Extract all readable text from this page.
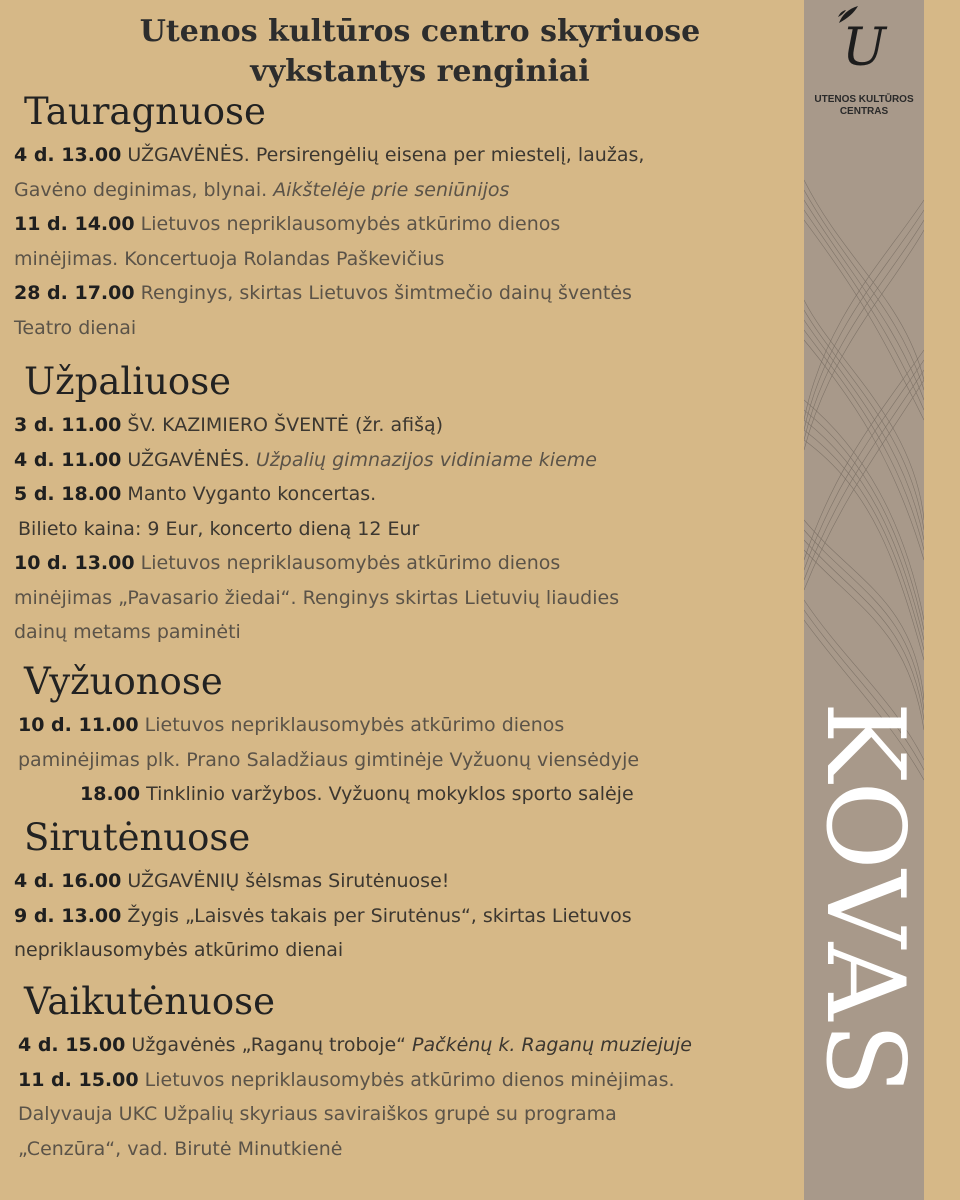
U
UTENOS KULTŪROS
CENTRAS
KOVAS
Utenos kultūros centro skyriuose
vykstantys renginiai
Tauragnuose

4 d. 13.00 UŽGAVĖNĖS. Persirengėlių eisena per miestelį, laužas,

Gavėno deginimas, blynai. Aikštelėje prie seniūnijos

11 d. 14.00 Lietuvos nepriklausomybės atkūrimo dienos

minėjimas. Koncertuoja Rolandas Paškevičius

28 d. 17.00 Renginys, skirtas Lietuvos šimtmečio dainų šventės

Teatro dienai

Užpaliuose

3 d. 11.00 ŠV. KAZIMIERO ŠVENTĖ (žr. afišą)

4 d. 11.00 UŽGAVĖNĖS. Užpalių gimnazijos vidiniame kieme

5 d. 18.00 Manto Vyganto koncertas.

Bilieto kaina: 9 Eur, koncerto dieną 12 Eur

10 d. 13.00 Lietuvos nepriklausomybės atkūrimo dienos

minėjimas „Pavasario žiedai“. Renginys skirtas Lietuvių liaudies

dainų metams paminėti

Vyžuonose

10 d. 11.00 Lietuvos nepriklausomybės atkūrimo dienos

paminėjimas plk. Prano Saladžiaus gimtinėje Vyžuonų viensėdyje

18.00 Tinklinio varžybos. Vyžuonų mokyklos sporto salėje

Sirutėnuose

4 d. 16.00 UŽGAVĖNIŲ šėlsmas Sirutėnuose!

9 d. 13.00 Žygis „Laisvės takais per Sirutėnus“, skirtas Lietuvos

nepriklausomybės atkūrimo dienai

Vaikutėnuose

4 d. 15.00 Užgavėnės „Raganų troboje“ Pačkėnų k. Raganų muziejuje

11 d. 15.00 Lietuvos nepriklausomybės atkūrimo dienos minėjimas.

Dalyvauja UKC Užpalių skyriaus saviraiškos grupė su programa

„Cenzūra“, vad. Birutė Minutkienė
